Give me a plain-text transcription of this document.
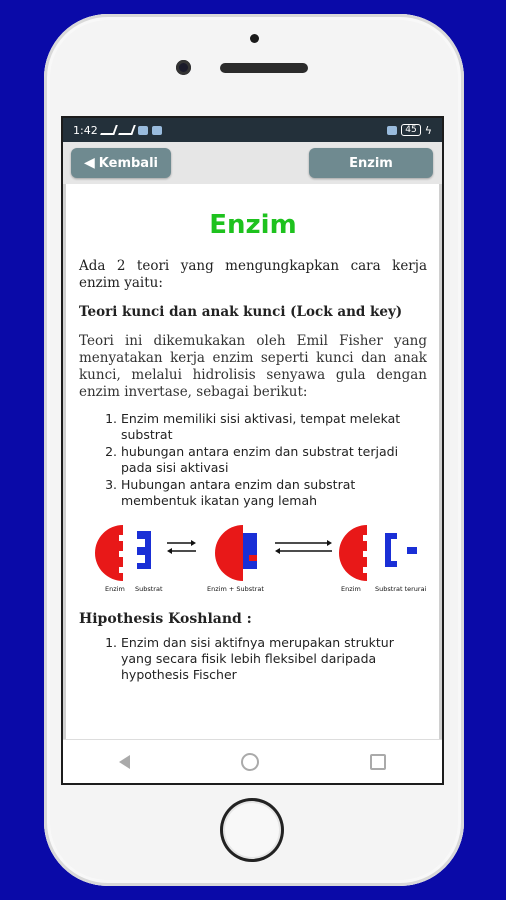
1:42	45 ϟ
◀ Kembali	Enzim
Enzim

Ada 2 teori yang mengungkapkan cara kerja enzim yaitu:

Teori kunci dan anak kunci (Lock and key)

Teori ini dikemukakan oleh Emil Fisher yang menyatakan kerja enzim seperti kunci dan anak kunci, melalui hidrolisis senyawa gula dengan enzim invertase, sebagai berikut:

1. Enzim memiliki sisi aktivasi, tempat melekat substrat
2. hubungan antara enzim dan substrat terjadi pada sisi aktivasi
3. Hubungan antara enzim dan substrat membentuk ikatan yang lemah
Enzim Substrat	Enzim + Substrat	Enzim Substrat terurai

Hipothesis Koshland :

1. Enzim dan sisi aktifnya merupakan struktur yang secara fisik lebih fleksibel daripada hypothesis Fischer
